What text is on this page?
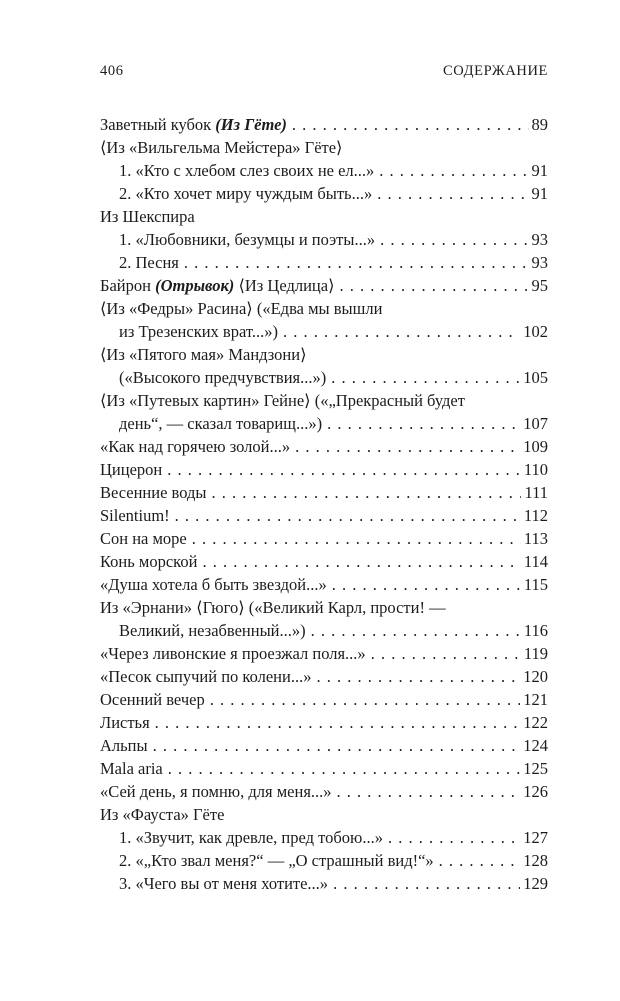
406	СОДЕРЖАНИЕ
Заветный кубок (Из Гёте) . . .	89
⟨Из «Вильгельма Мейстера» Гёте⟩
1. «Кто с хлебом слез своих не ел...» . . .	91
2. «Кто хочет миру чуждым быть...» . . .	91
Из Шекспира
1. «Любовники, безумцы и поэты...» . . .	93
2. Песня . . .	93
Байрон (Отрывок) ⟨Из Цедлица⟩ . . .	95
⟨Из «Федры» Расина⟩ («Едва мы вышли
из Трезенских врат...») . . .	102
⟨Из «Пятого мая» Мандзони⟩
(«Высокого предчувствия...») . . .	105
⟨Из «Путевых картин» Гейне⟩ («„Прекрасный будет
день“, — сказал товарищ...») . . .	107
«Как над горячею золой...» . . .	109
Цицерон . . .	110
Весенние воды . . .	111
Silentium! . . .	112
Сон на море . . .	113
Конь морской . . .	114
«Душа хотела б быть звездой...» . . .	115
Из «Эрнани» ⟨Гюго⟩ («Великий Карл, прости! —
Великий, незабвенный...») . . .	116
«Через ливонские я проезжал поля...» . . .	119
«Песок сыпучий по колени...» . . .	120
Осенний вечер . . .	121
Листья . . .	122
Альпы . . .	124
Mala aria . . .	125
«Сей день, я помню, для меня...» . . .	126
Из «Фауста» Гёте
1. «Звучит, как древле, пред тобою...» . . .	127
2. «„Кто звал меня?“ — „О страшный вид!“» . . .	128
3. «Чего вы от меня хотите...» . . .	129
